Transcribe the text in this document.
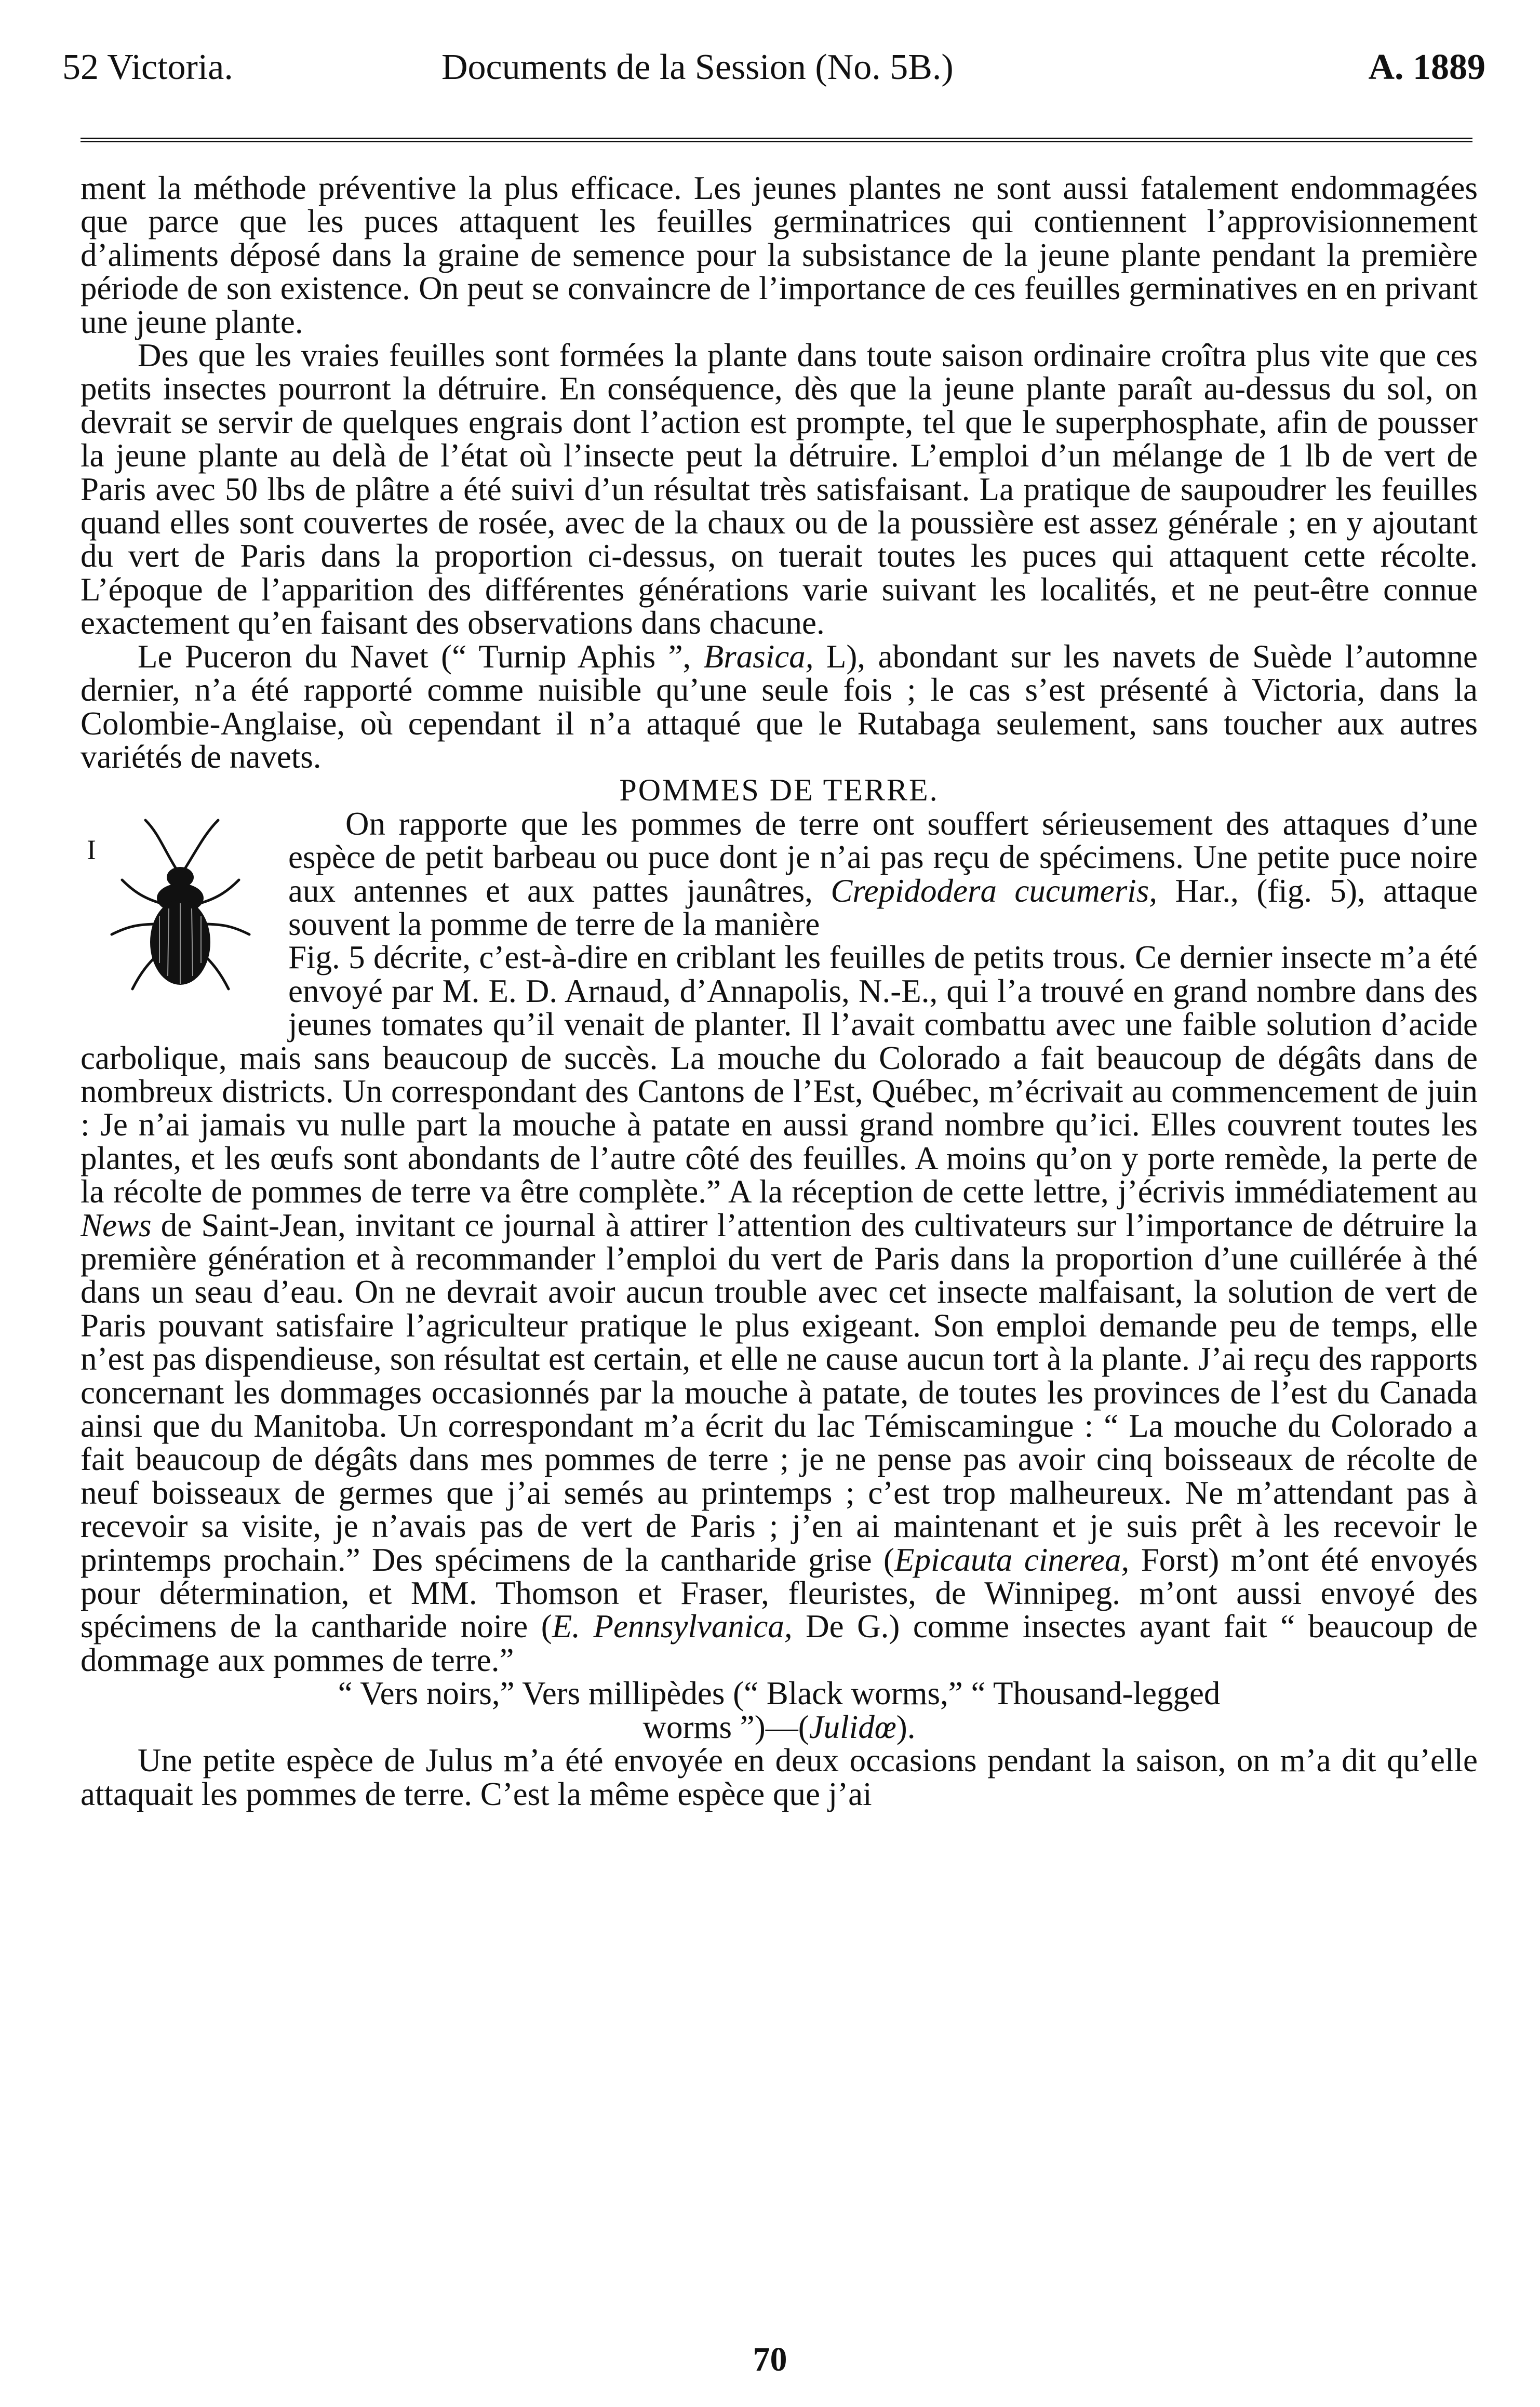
52 Victoria.	Documents de la Session (No. 5B.)	A. 1889

ment la méthode préventive la plus efficace. Les jeunes plantes ne sont aussi fatalement endommagées que parce que les puces attaquent les feuilles germinatrices qui contiennent l’approvisionnement d’aliments déposé dans la graine de semence pour la subsistance de la jeune plante pendant la première période de son existence. On peut se convaincre de l’importance de ces feuilles germinatives en en privant une jeune plante.

Des que les vraies feuilles sont formées la plante dans toute saison ordinaire croîtra plus vite que ces petits insectes pourront la détruire. En conséquence, dès que la jeune plante paraît au-dessus du sol, on devrait se servir de quelques engrais dont l’action est prompte, tel que le superphosphate, afin de pousser la jeune plante au delà de l’état où l’insecte peut la détruire. L’emploi d’un mélange de 1 lb de vert de Paris avec 50 lbs de plâtre a été suivi d’un résultat très satisfaisant. La pratique de saupoudrer les feuilles quand elles sont couvertes de rosée, avec de la chaux ou de la poussière est assez générale ; en y ajoutant du vert de Paris dans la proportion ci-dessus, on tuerait toutes les puces qui attaquent cette récolte. L’époque de l’apparition des différentes générations varie suivant les localités, et ne peut-être connue exactement qu’en faisant des observations dans chacune.

Le Puceron du Navet (“ Turnip Aphis ”, Brasica, L), abondant sur les navets de Suède l’automne dernier, n’a été rapporté comme nuisible qu’une seule fois ; le cas s’est présenté à Victoria, dans la Colombie-Anglaise, où cependant il n’a attaqué que le Rutabaga seulement, sans toucher aux autres variétés de navets.

POMMES DE TERRE.

I

On rapporte que les pommes de terre ont souffert sérieusement des attaques d’une espèce de petit barbeau ou puce dont je n’ai pas reçu de spécimens. Une petite puce noire aux antennes et aux pattes jaunâtres, Crepidodera cucumeris, Har., (fig. 5), attaque souvent la pomme de terre de la manière
Fig. 5 décrite, c’est-à-dire en criblant les feuilles de petits trous. Ce dernier insecte m’a été envoyé par M. E. D. Arnaud, d’Annapolis, N.-E., qui l’a trouvé en grand nombre dans des jeunes tomates qu’il venait de planter. Il l’avait combattu avec une faible solution d’acide carbolique, mais sans beaucoup de succès. La mouche du Colorado a fait beaucoup de dégâts dans de nombreux districts. Un correspondant des Cantons de l’Est, Québec, m’écrivait au commencement de juin : Je n’ai jamais vu nulle part la mouche à patate en aussi grand nombre qu’ici. Elles couvrent toutes les plantes, et les œufs sont abondants de l’autre côté des feuilles. A moins qu’on y porte remède, la perte de la récolte de pommes de terre va être complète.” A la réception de cette lettre, j’écrivis immédiatement au News de Saint-Jean, invitant ce journal à attirer l’attention des cultivateurs sur l’importance de détruire la première génération et à recommander l’emploi du vert de Paris dans la proportion d’une cuillérée à thé dans un seau d’eau. On ne devrait avoir aucun trouble avec cet insecte malfaisant, la solution de vert de Paris pouvant satisfaire l’agriculteur pratique le plus exigeant. Son emploi demande peu de temps, elle n’est pas dispendieuse, son résultat est certain, et elle ne cause aucun tort à la plante. J’ai reçu des rapports concernant les dommages occasionnés par la mouche à patate, de toutes les provinces de l’est du Canada ainsi que du Manitoba. Un correspondant m’a écrit du lac Témiscamingue : “ La mouche du Colorado a fait beaucoup de dégâts dans mes pommes de terre ; je ne pense pas avoir cinq boisseaux de récolte de neuf boisseaux de germes que j’ai semés au printemps ; c’est trop malheureux. Ne m’attendant pas à recevoir sa visite, je n’avais pas de vert de Paris ; j’en ai maintenant et je suis prêt à les recevoir le printemps prochain.” Des spécimens de la cantharide grise (Epicauta cinerea, Forst) m’ont été envoyés pour détermination, et MM. Thomson et Fraser, fleuristes, de Winnipeg. m’ont aussi envoyé des spécimens de la cantharide noire (E. Pennsylvanica, De G.) comme insectes ayant fait “ beaucoup de dommage aux pommes de terre.”

“ Vers noirs,” Vers millipèdes (“ Black worms,” “ Thousand-legged
worms ”)—(Julidœ).

Une petite espèce de Julus m’a été envoyée en deux occasions pendant la saison, on m’a dit qu’elle attaquait les pommes de terre. C’est la même espèce que j’ai

70
